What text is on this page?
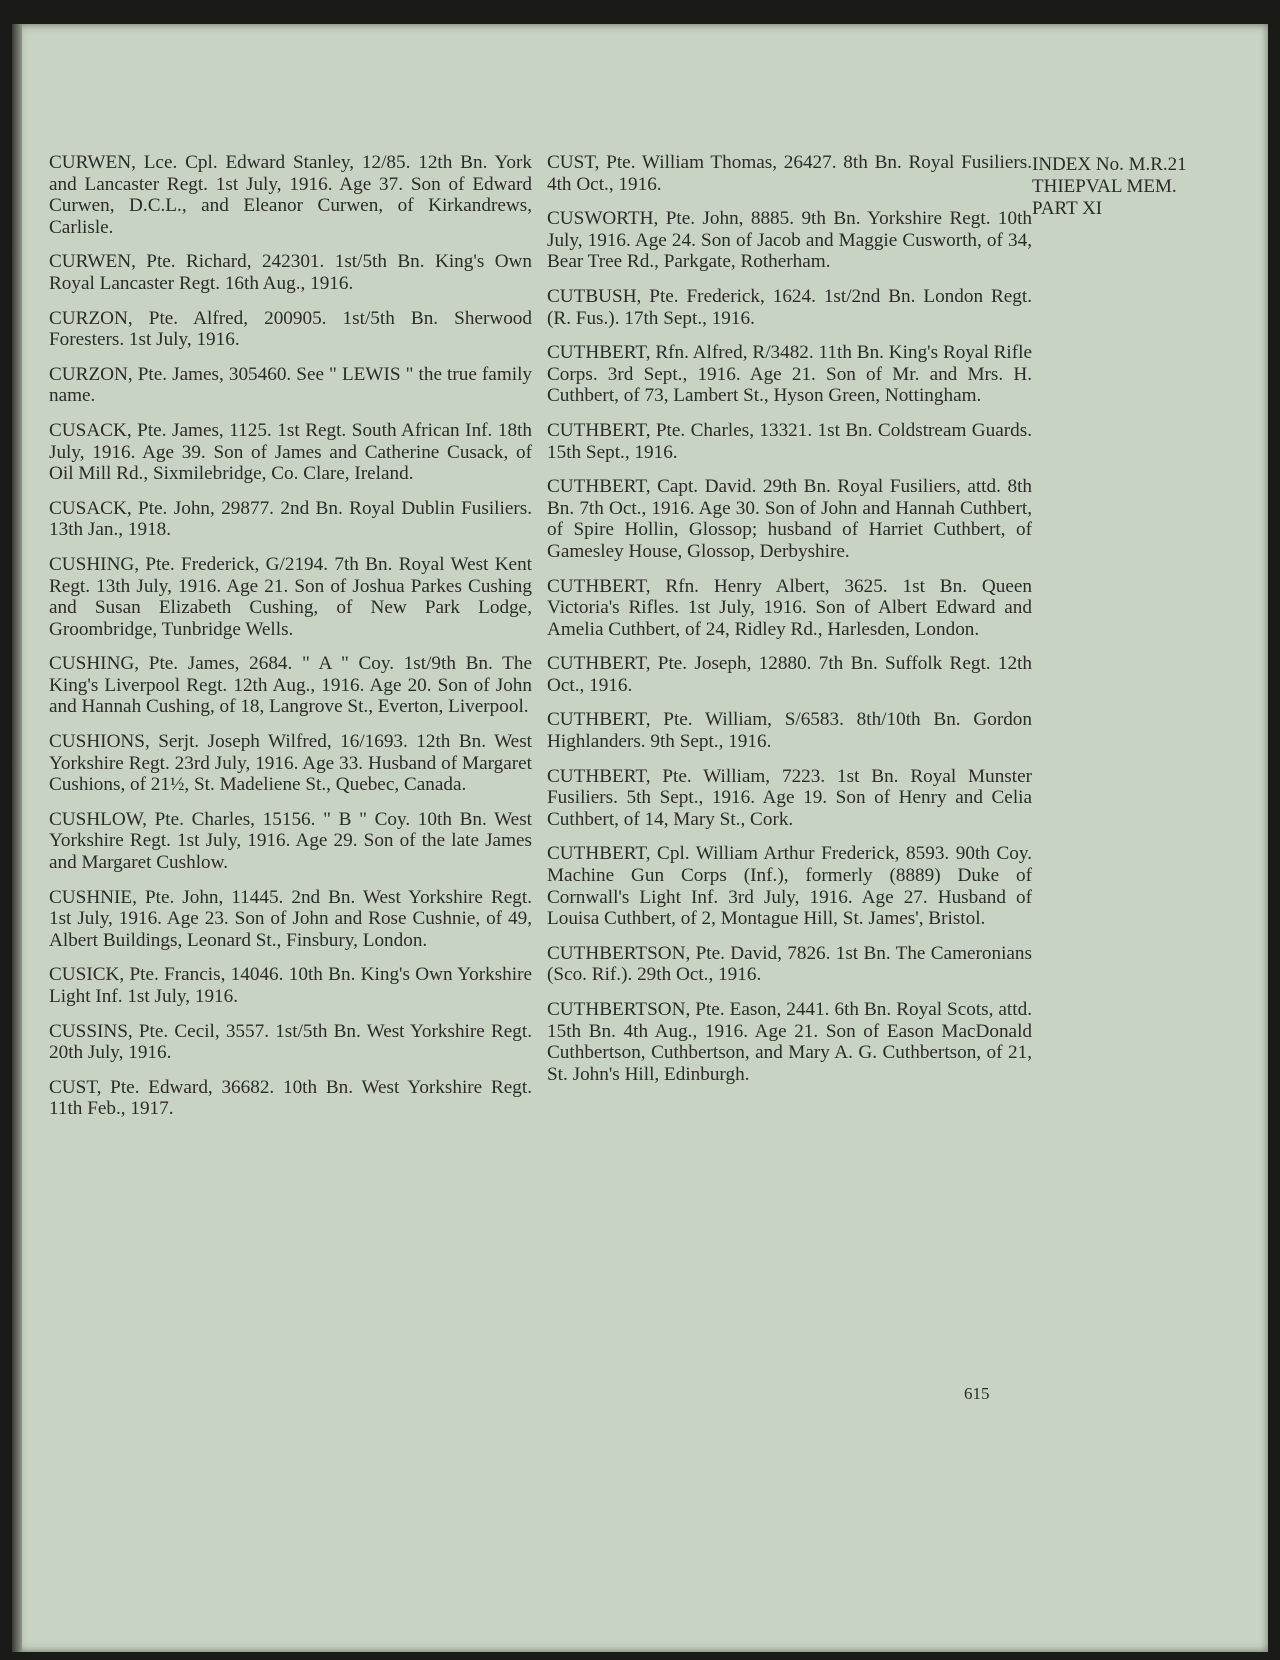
CURWEN, Lce. Cpl. Edward Stanley, 12/85. 12th Bn. York and Lancaster Regt. 1st July, 1916. Age 37. Son of Edward Curwen, D.C.L., and Eleanor Curwen, of Kirkandrews, Carlisle.

CURWEN, Pte. Richard, 242301. 1st/5th Bn. King's Own Royal Lancaster Regt. 16th Aug., 1916.

CURZON, Pte. Alfred, 200905. 1st/5th Bn. Sherwood Foresters. 1st July, 1916.

CURZON, Pte. James, 305460. See " LEWIS " the true family name.

CUSACK, Pte. James, 1125. 1st Regt. South African Inf. 18th July, 1916. Age 39. Son of James and Catherine Cusack, of Oil Mill Rd., Sixmilebridge, Co. Clare, Ireland.

CUSACK, Pte. John, 29877. 2nd Bn. Royal Dublin Fusiliers. 13th Jan., 1918.

CUSHING, Pte. Frederick, G/2194. 7th Bn. Royal West Kent Regt. 13th July, 1916. Age 21. Son of Joshua Parkes Cushing and Susan Elizabeth Cushing, of New Park Lodge, Groombridge, Tunbridge Wells.

CUSHING, Pte. James, 2684. " A " Coy. 1st/9th Bn. The King's Liverpool Regt. 12th Aug., 1916. Age 20. Son of John and Hannah Cushing, of 18, Langrove St., Everton, Liverpool.

CUSHIONS, Serjt. Joseph Wilfred, 16/1693. 12th Bn. West Yorkshire Regt. 23rd July, 1916. Age 33. Husband of Margaret Cushions, of 21½, St. Madeliene St., Quebec, Canada.

CUSHLOW, Pte. Charles, 15156. " B " Coy. 10th Bn. West Yorkshire Regt. 1st July, 1916. Age 29. Son of the late James and Margaret Cushlow.

CUSHNIE, Pte. John, 11445. 2nd Bn. West Yorkshire Regt. 1st July, 1916. Age 23. Son of John and Rose Cushnie, of 49, Albert Buildings, Leonard St., Finsbury, London.

CUSICK, Pte. Francis, 14046. 10th Bn. King's Own Yorkshire Light Inf. 1st July, 1916.

CUSSINS, Pte. Cecil, 3557. 1st/5th Bn. West Yorkshire Regt. 20th July, 1916.

CUST, Pte. Edward, 36682. 10th Bn. West Yorkshire Regt. 11th Feb., 1917.

CUST, Pte. William Thomas, 26427. 8th Bn. Royal Fusiliers. 4th Oct., 1916.

CUSWORTH, Pte. John, 8885. 9th Bn. Yorkshire Regt. 10th July, 1916. Age 24. Son of Jacob and Maggie Cusworth, of 34, Bear Tree Rd., Parkgate, Rotherham.

CUTBUSH, Pte. Frederick, 1624. 1st/2nd Bn. London Regt. (R. Fus.). 17th Sept., 1916.

CUTHBERT, Rfn. Alfred, R/3482. 11th Bn. King's Royal Rifle Corps. 3rd Sept., 1916. Age 21. Son of Mr. and Mrs. H. Cuthbert, of 73, Lambert St., Hyson Green, Nottingham.

CUTHBERT, Pte. Charles, 13321. 1st Bn. Coldstream Guards. 15th Sept., 1916.

CUTHBERT, Capt. David. 29th Bn. Royal Fusiliers, attd. 8th Bn. 7th Oct., 1916. Age 30. Son of John and Hannah Cuthbert, of Spire Hollin, Glossop; husband of Harriet Cuthbert, of Gamesley House, Glossop, Derbyshire.

CUTHBERT, Rfn. Henry Albert, 3625. 1st Bn. Queen Victoria's Rifles. 1st July, 1916. Son of Albert Edward and Amelia Cuthbert, of 24, Ridley Rd., Harlesden, London.

CUTHBERT, Pte. Joseph, 12880. 7th Bn. Suffolk Regt. 12th Oct., 1916.

CUTHBERT, Pte. William, S/6583. 8th/10th Bn. Gordon Highlanders. 9th Sept., 1916.

CUTHBERT, Pte. William, 7223. 1st Bn. Royal Munster Fusiliers. 5th Sept., 1916. Age 19. Son of Henry and Celia Cuthbert, of 14, Mary St., Cork.

CUTHBERT, Cpl. William Arthur Frederick, 8593. 90th Coy. Machine Gun Corps (Inf.), formerly (8889) Duke of Cornwall's Light Inf. 3rd July, 1916. Age 27. Husband of Louisa Cuthbert, of 2, Montague Hill, St. James', Bristol.

CUTHBERTSON, Pte. David, 7826. 1st Bn. The Cameronians (Sco. Rif.). 29th Oct., 1916.

CUTHBERTSON, Pte. Eason, 2441. 6th Bn. Royal Scots, attd. 15th Bn. 4th Aug., 1916. Age 21. Son of Eason MacDonald Cuthbertson, Cuthbertson, and Mary A. G. Cuthbertson, of 21, St. John's Hill, Edinburgh.

INDEX No. M.R.21
THIEPVAL MEM.
PART XI
615
